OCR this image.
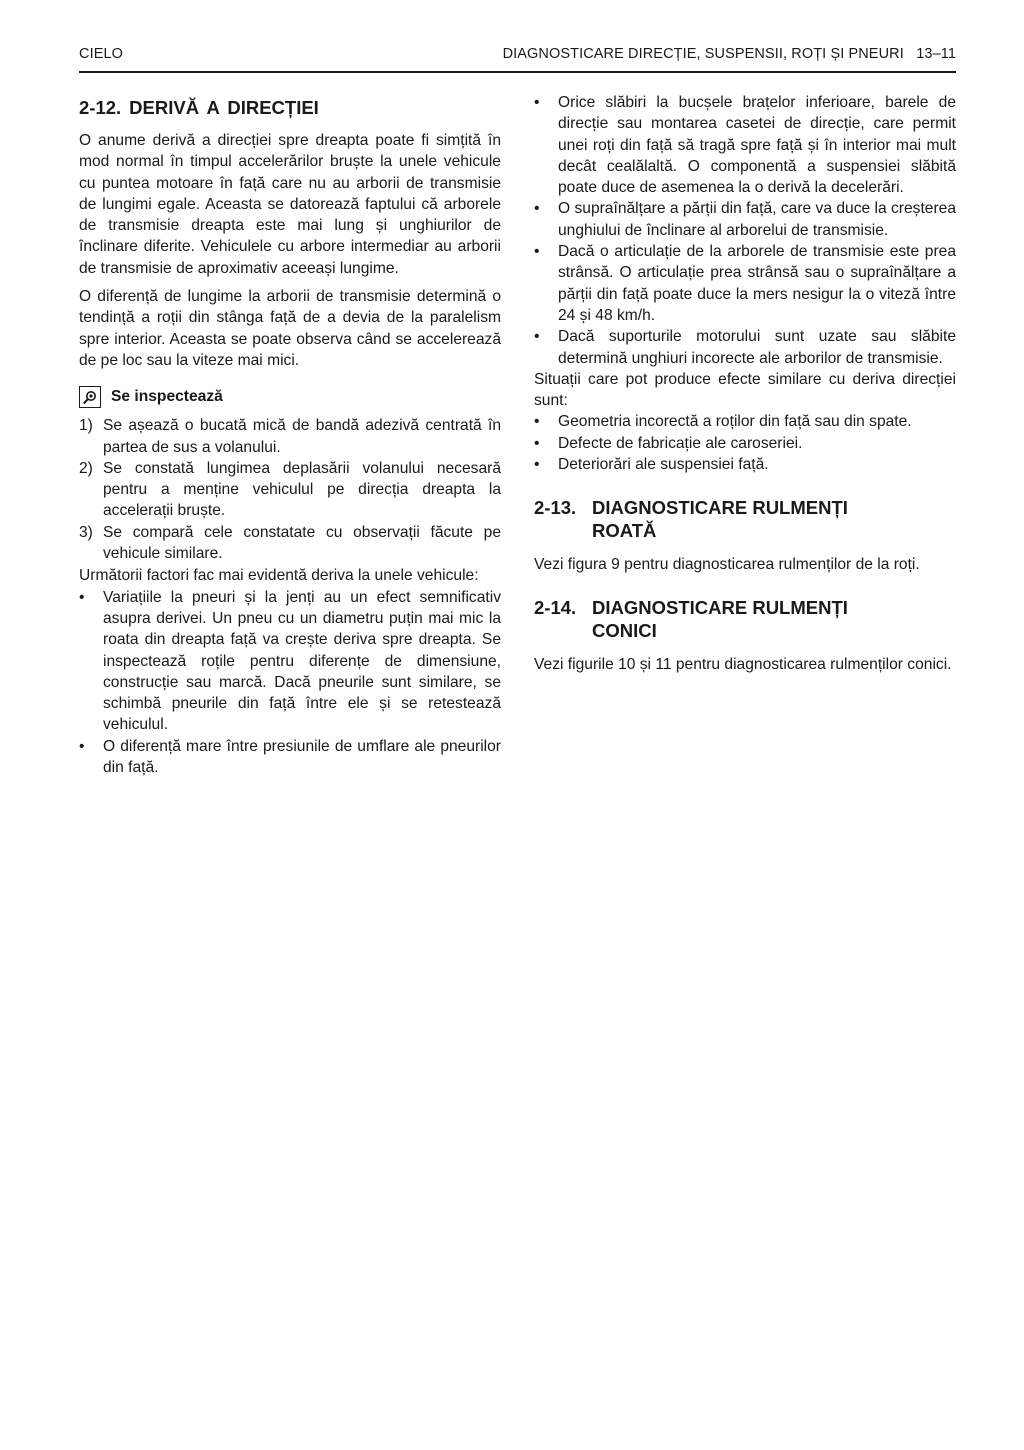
CIELO	DIAGNOSTICARE DIRECȚIE, SUSPENSII, ROȚI ȘI PNEURI   13–11
2-12. DERIVĂ A DIRECȚIEI

O anume derivă a direcției spre dreapta poate fi simțită în mod normal în timpul accelerărilor bruște la unele vehicule cu puntea motoare în față care nu au arborii de transmisie de lungimi egale. Aceasta se datorează faptului că arborele de transmisie dreapta este mai lung și unghiurilor de înclinare diferite. Vehiculele cu arbore intermediar au arborii de transmisie de aproximativ aceeași lungime.

O diferență de lungime la arborii de transmisie determină o tendință a roții din stânga față de a devia de la paralelism spre interior. Aceasta se poate observa când se accelerează de pe loc sau la viteze mai mici.

Se inspectează
1) Se așează o bucată mică de bandă adezivă centrată în partea de sus a volanului.
2) Se constată lungimea deplasării volanului necesară pentru a menține vehiculul pe direcția dreapta la accelerații bruște.
3) Se compară cele constatate cu observații făcute pe vehicule similare.

Următorii factori fac mai evidentă deriva la unele vehicule:

•	Variațiile la pneuri și la jenți au un efect semnificativ asupra derivei. Un pneu cu un diametru puțin mai mic la roata din dreapta față va crește deriva spre dreapta. Se inspectează roțile pentru diferențe de dimensiune, construcție sau marcă. Dacă pneurile sunt similare, se schimbă pneurile din față între ele și se retestează vehiculul.
•	O diferență mare între presiunile de umflare ale pneurilor din față.
•	Orice slăbiri la bucșele brațelor inferioare, barele de direcție sau montarea casetei de direcție, care permit unei roți din față să tragă spre față și în interior mai mult decât cealălaltă. O componentă a suspensiei slăbită poate duce de asemenea la o derivă la decelerări.
•	O supraînălțare a părții din față, care va duce la creșterea unghiului de înclinare al arborelui de transmisie.
•	Dacă o articulație de la arborele de transmisie este prea strânsă. O articulație prea strânsă sau o supraînălțare a părții din față poate duce la mers nesigur la o viteză între 24 și 48 km/h.
•	Dacă suporturile motorului sunt uzate sau slăbite determină unghiuri incorecte ale arborilor de transmisie.

Situații care pot produce efecte similare cu deriva direcției sunt:

•	Geometria incorectă a roților din față sau din spate.
•	Defecte de fabricație ale caroseriei.
•	Deteriorări ale suspensiei față.
2-13. DIAGNOSTICARE RULMENȚI ROATĂ

Vezi figura 9 pentru diagnosticarea rulmenților de la roți.

2-14. DIAGNOSTICARE RULMENȚI CONICI

Vezi figurile 10 și 11 pentru diagnosticarea rulmenților conici.
